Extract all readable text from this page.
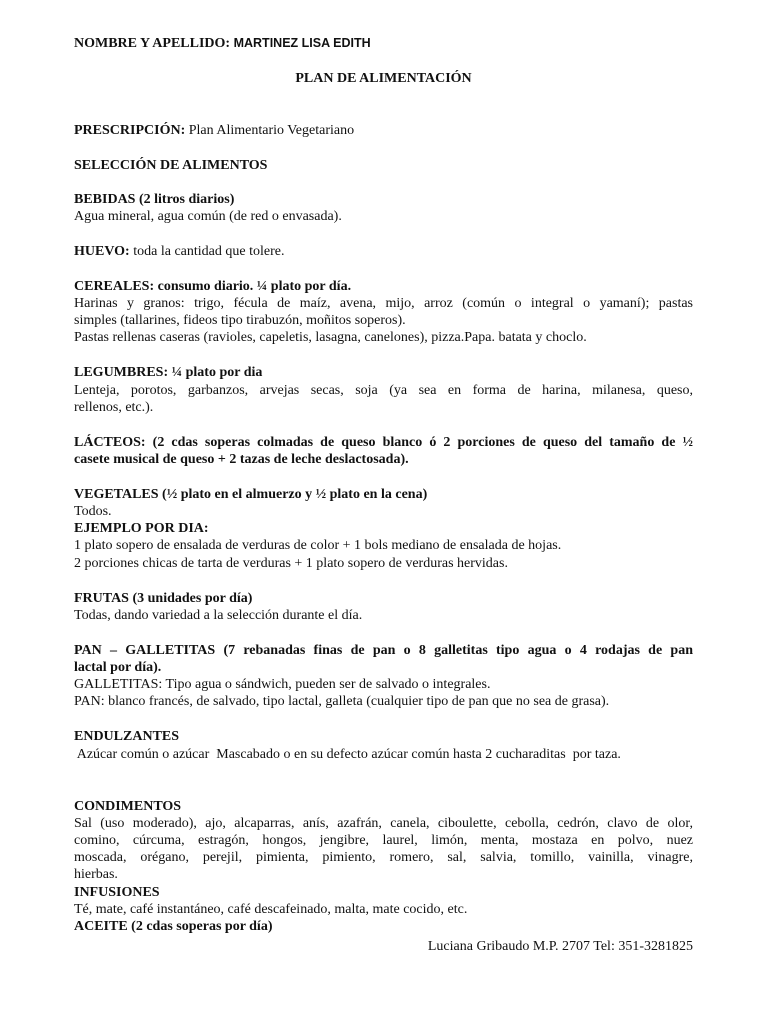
NOMBRE Y APELLIDO: MARTINEZ LISA EDITH
PLAN DE ALIMENTACIÓN
PRESCRIPCIÓN: Plan Alimentario Vegetariano
SELECCIÓN DE ALIMENTOS
BEBIDAS (2 litros diarios)
Agua mineral, agua común (de red o envasada).
HUEVO: toda la cantidad que tolere.
CEREALES: consumo diario. ¼ plato por día.
Harinas y granos: trigo, fécula de maíz, avena, mijo, arroz (común o integral o yamaní); pastas
simples (tallarines, fideos tipo tirabuzón, moñitos soperos).
Pastas rellenas caseras (ravioles, capeletis, lasagna, canelones), pizza.Papa. batata y choclo.
LEGUMBRES: ¼ plato por dia
Lenteja, porotos, garbanzos, arvejas secas, soja (ya sea en forma de harina, milanesa, queso,
rellenos, etc.).
LÁCTEOS: (2 cdas soperas colmadas de queso blanco ó 2 porciones de queso del tamaño de ½
casete musical de queso + 2 tazas de leche deslactosada).
VEGETALES (½ plato en el almuerzo y ½ plato en la cena)
Todos.
EJEMPLO POR DIA:
1 plato sopero de ensalada de verduras de color + 1 bols mediano de ensalada de hojas.
2 porciones chicas de tarta de verduras + 1 plato sopero de verduras hervidas.
FRUTAS (3 unidades por día)
Todas, dando variedad a la selección durante el día.
PAN – GALLETITAS (7 rebanadas finas de pan o 8 galletitas tipo agua o 4 rodajas de pan
lactal por día).
GALLETITAS: Tipo agua o sándwich, pueden ser de salvado o integrales.
PAN: blanco francés, de salvado, tipo lactal, galleta (cualquier tipo de pan que no sea de grasa).
ENDULZANTES
Azúcar común o azúcar  Mascabado o en su defecto azúcar común hasta 2 cucharaditas  por taza.
CONDIMENTOS
Sal (uso moderado), ajo, alcaparras, anís, azafrán, canela, ciboulette, cebolla, cedrón, clavo de olor,
comino, cúrcuma, estragón, hongos, jengibre, laurel, limón, menta, mostaza en polvo, nuez
moscada, orégano, perejil, pimienta, pimiento, romero, sal, salvia, tomillo, vainilla, vinagre,
hierbas.
INFUSIONES
Té, mate, café instantáneo, café descafeinado, malta, mate cocido, etc.
ACEITE (2 cdas soperas por día)
Luciana Gribaudo M.P. 2707 Tel: 351-3281825
